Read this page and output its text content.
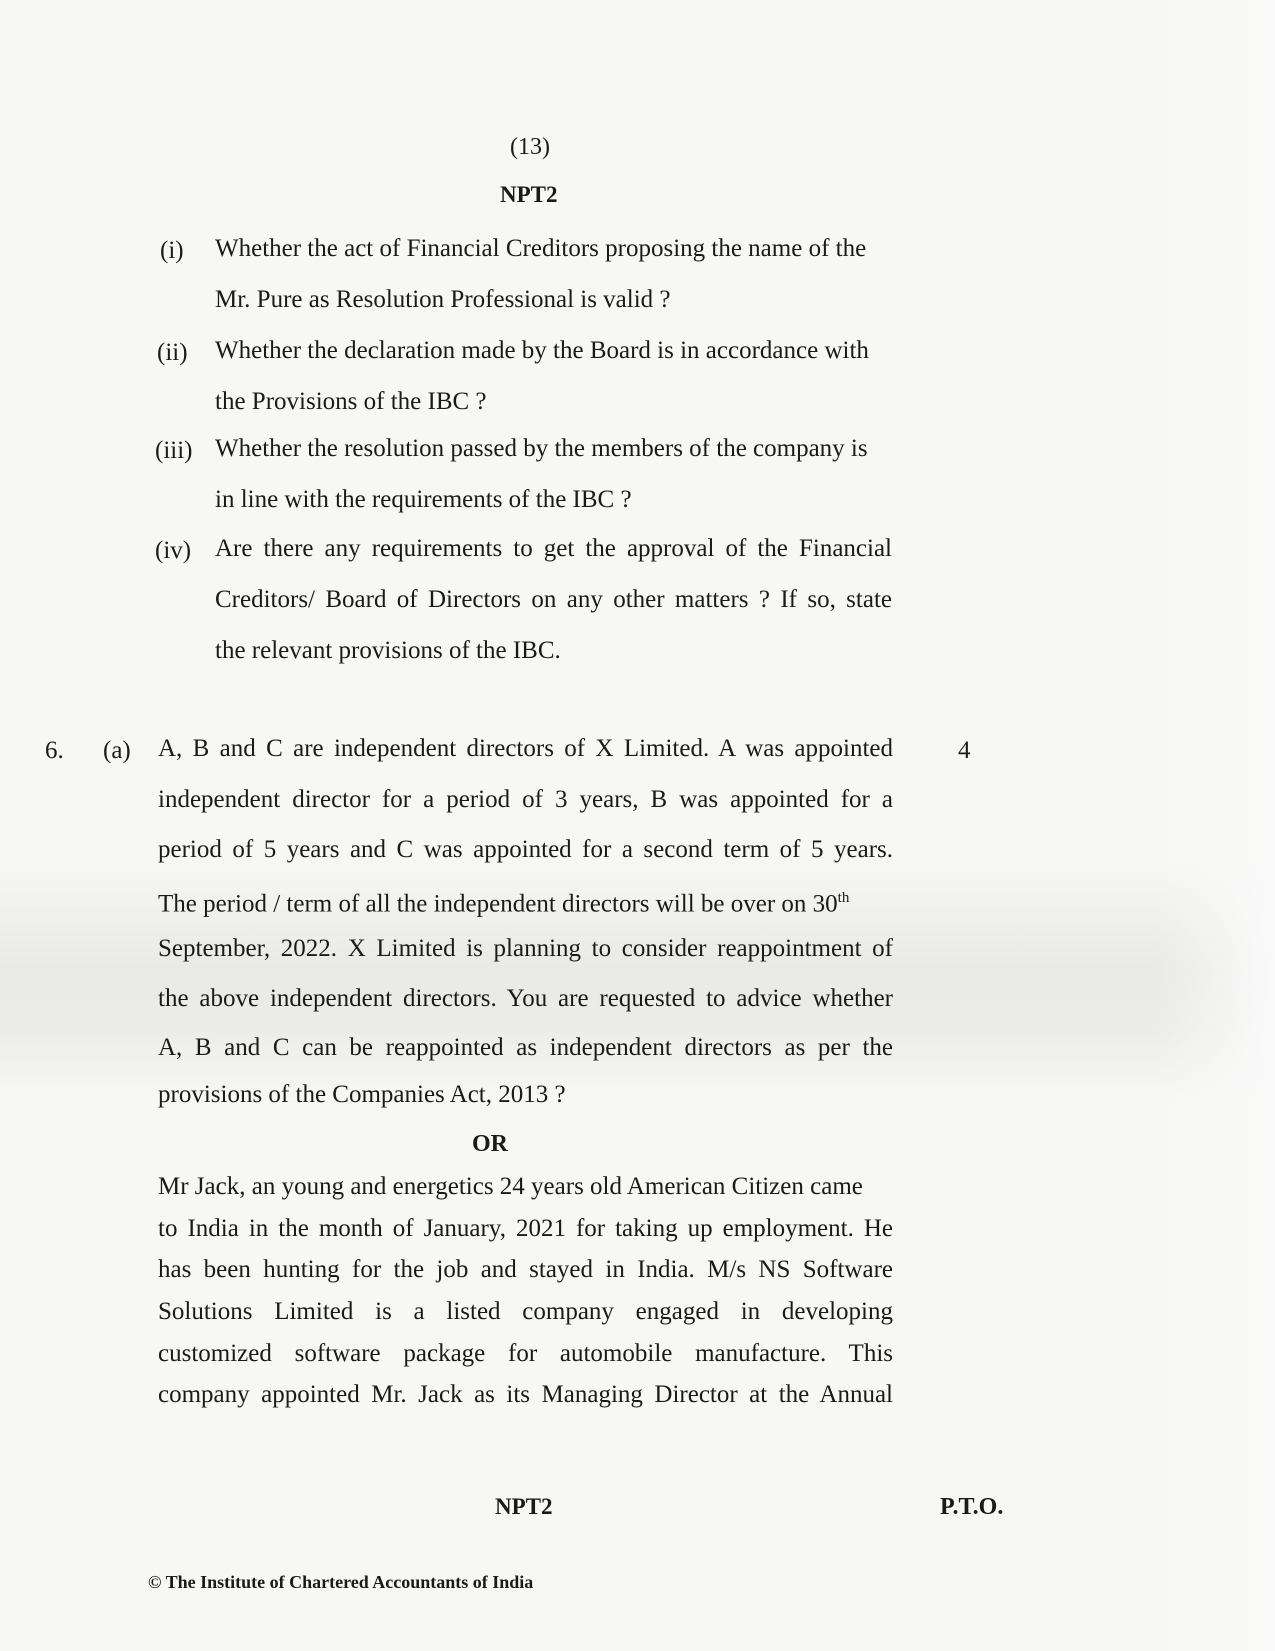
(13)
NPT2
(i) Whether the act of Financial Creditors proposing the name of the
Mr. Pure as Resolution Professional is valid ?
(ii) Whether the declaration made by the Board is in accordance with
the Provisions of the IBC ?
(iii) Whether the resolution passed by the members of the company is
in line with the requirements of the IBC ?
(iv) Are there any requirements to get the approval of the Financial
Creditors/ Board of Directors on any other matters ? If so, state
the relevant provisions of the IBC.
6. (a)	4
A, B and C are independent directors of X Limited. A was appointed
independent director for a period of 3 years, B was appointed for a
period of 5 years and C was appointed for a second term of 5 years.
The period / term of all the independent directors will be over on 30th
September, 2022. X Limited is planning to consider reappointment of
the above independent directors. You are requested to advice whether
A, B and C can be reappointed as independent directors as per the
provisions of the Companies Act, 2013 ?
OR
Mr Jack, an young and energetics 24 years old American Citizen came
to India in the month of January, 2021 for taking up employment. He
has been hunting for the job and stayed in India. M/s NS Software
Solutions Limited is a listed company engaged in developing
customized software package for automobile manufacture. This
company appointed Mr. Jack as its Managing Director at the Annual
NPT2	P.T.O.
© The Institute of Chartered Accountants of India
